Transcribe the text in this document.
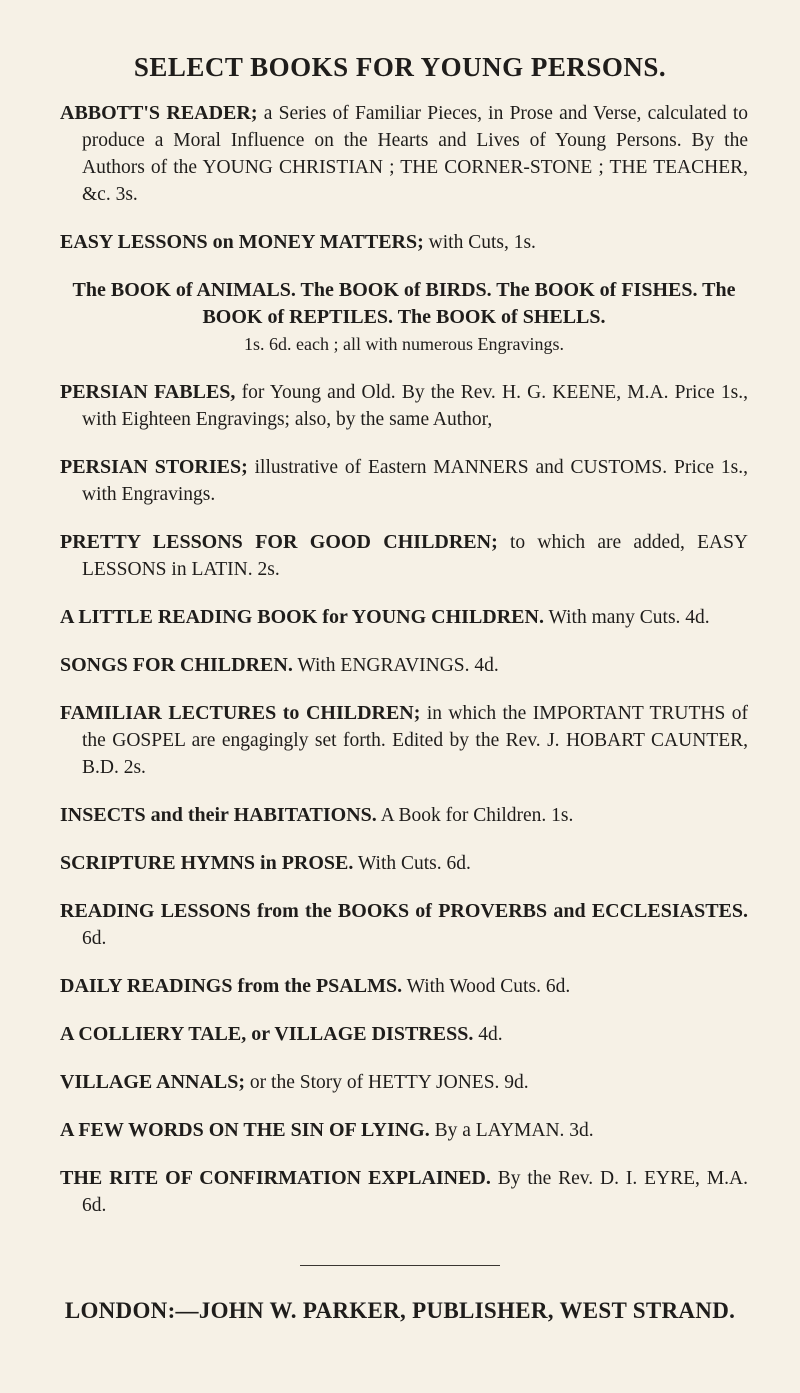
SELECT BOOKS FOR YOUNG PERSONS.

ABBOTT'S READER; a Series of Familiar Pieces, in Prose and Verse, calculated to produce a Moral Influence on the Hearts and Lives of Young Persons. By the Authors of the YOUNG CHRISTIAN ; THE CORNER-STONE ; THE TEACHER, &c. 3s.

EASY LESSONS on MONEY MATTERS; with Cuts, 1s.

The BOOK of ANIMALS. The BOOK of BIRDS. The BOOK of FISHES. The BOOK of REPTILES. The BOOK of SHELLS.
1s. 6d. each ; all with numerous Engravings.

PERSIAN FABLES, for Young and Old. By the Rev. H. G. KEENE, M.A. Price 1s., with Eighteen Engravings; also, by the same Author,

PERSIAN STORIES; illustrative of Eastern MANNERS and CUSTOMS. Price 1s., with Engravings.

PRETTY LESSONS FOR GOOD CHILDREN; to which are added, EASY LESSONS in LATIN. 2s.

A LITTLE READING BOOK for YOUNG CHILDREN. With many Cuts. 4d.

SONGS FOR CHILDREN. With ENGRAVINGS. 4d.

FAMILIAR LECTURES to CHILDREN; in which the IMPORTANT TRUTHS of the GOSPEL are engagingly set forth. Edited by the Rev. J. HOBART CAUNTER, B.D. 2s.

INSECTS and their HABITATIONS. A Book for Children. 1s.

SCRIPTURE HYMNS in PROSE. With Cuts. 6d.

READING LESSONS from the BOOKS of PROVERBS and ECCLESIASTES. 6d.

DAILY READINGS from the PSALMS. With Wood Cuts. 6d.

A COLLIERY TALE, or VILLAGE DISTRESS. 4d.

VILLAGE ANNALS; or the Story of HETTY JONES. 9d.

A FEW WORDS ON THE SIN OF LYING. By a LAYMAN. 3d.

THE RITE OF CONFIRMATION EXPLAINED. By the Rev. D. I. EYRE, M.A. 6d.

LONDON:—JOHN W. PARKER, PUBLISHER, WEST STRAND.
